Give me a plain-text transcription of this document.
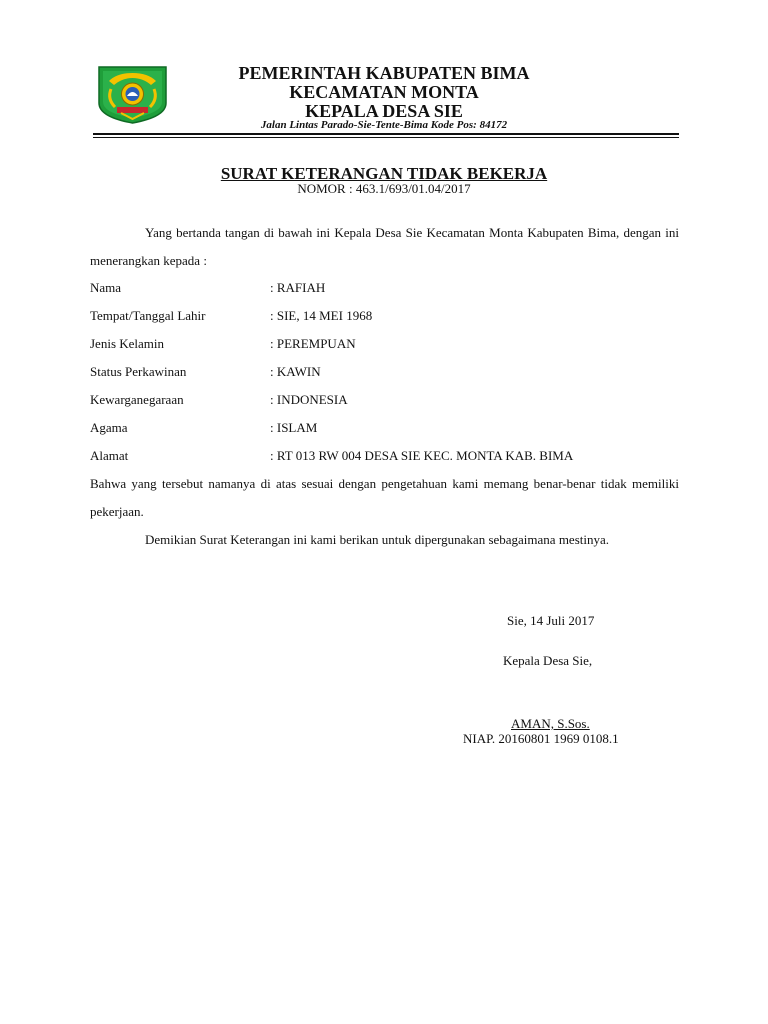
PEMERINTAH KABUPATEN BIMA
KECAMATAN MONTA
KEPALA DESA SIE
Jalan Lintas Parado-Sie-Tente-Bima Kode Pos: 84172
SURAT KETERANGAN TIDAK BEKERJA
NOMOR : 463.1/693/01.04/2017
Yang bertanda tangan di bawah ini Kepala Desa Sie Kecamatan Monta Kabupaten Bima, dengan ini menerangkan kepada :
Nama	: RAFIAH
Tempat/Tanggal Lahir	: SIE, 14 MEI 1968
Jenis Kelamin	: PEREMPUAN
Status Perkawinan	: KAWIN
Kewarganegaraan	: INDONESIA
Agama	: ISLAM
Alamat	: RT 013 RW 004 DESA SIE KEC. MONTA KAB. BIMA
Bahwa yang tersebut namanya di atas sesuai dengan pengetahuan kami memang benar-benar tidak memiliki pekerjaan.
Demikian Surat Keterangan ini kami berikan untuk dipergunakan sebagaimana mestinya.
Sie, 14 Juli 2017
Kepala Desa Sie,
AMAN, S.Sos.
NIAP. 20160801 1969 0108.1
